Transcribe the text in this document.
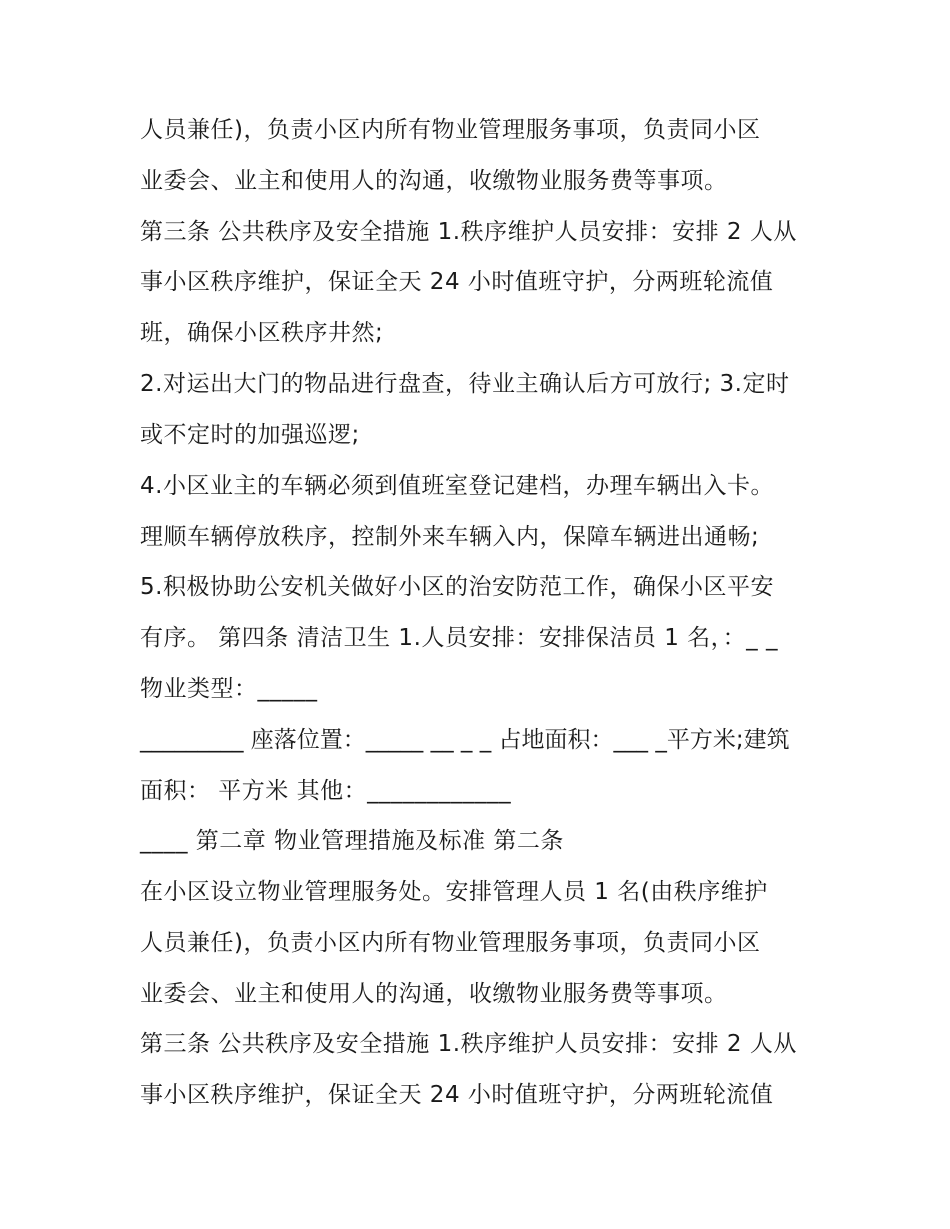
人员兼任)，负责小区内所有物业管理服务事项，负责同小区
业委会、业主和使用人的沟通，收缴物业服务费等事项。
第三条 公共秩序及安全措施 1.秩序维护人员安排：安排 2 人从
事小区秩序维护，保证全天 24 小时值班守护，分两班轮流值
班，确保小区秩序井然;
2.对运出大门的物品进行盘查，待业主确认后方可放行; 3.定时
或不定时的加强巡逻;
4.小区业主的车辆必须到值班室登记建档，办理车辆出入卡。
理顺车辆停放秩序，控制外来车辆入内，保障车辆进出通畅;
5.积极协助公安机关做好小区的治安防范工作，确保小区平安
有序。 第四条 清洁卫生 1.人员安排：安排保洁员 1 名，：_ _
物业类型：_____
_________ 座落位置：_____ __ _ _ 占地面积：___ _平方米;建筑
面积： 平方米 其他：____________
____ 第二章 物业管理措施及标准 第二条
在小区设立物业管理服务处。安排管理人员 1 名(由秩序维护
人员兼任)，负责小区内所有物业管理服务事项，负责同小区
业委会、业主和使用人的沟通，收缴物业服务费等事项。
第三条 公共秩序及安全措施 1.秩序维护人员安排：安排 2 人从
事小区秩序维护，保证全天 24 小时值班守护，分两班轮流值
